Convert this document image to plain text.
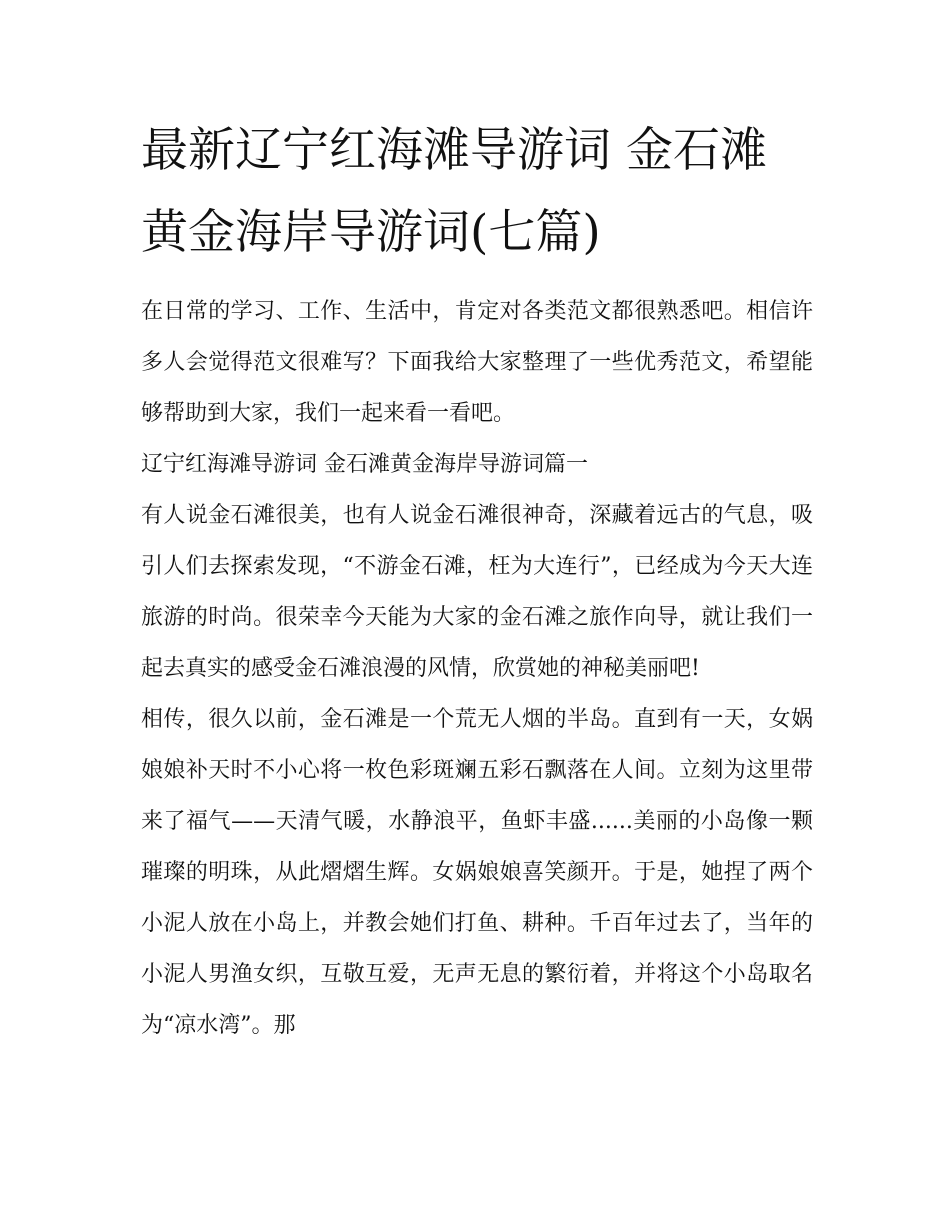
最新辽宁红海滩导游词 金石滩黄金海岸导游词(七篇)

在日常的学习、工作、生活中，肯定对各类范文都很熟悉吧。相信许多人会觉得范文很难写？下面我给大家整理了一些优秀范文，希望能够帮助到大家，我们一起来看一看吧。

辽宁红海滩导游词 金石滩黄金海岸导游词篇一

有人说金石滩很美，也有人说金石滩很神奇，深藏着远古的气息，吸引人们去探索发现，“不游金石滩，枉为大连行”，已经成为今天大连旅游的时尚。很荣幸今天能为大家的金石滩之旅作向导，就让我们一起去真实的感受金石滩浪漫的风情，欣赏她的神秘美丽吧!

相传，很久以前，金石滩是一个荒无人烟的半岛。直到有一天，女娲娘娘补天时不小心将一枚色彩斑斓五彩石飘落在人间。立刻为这里带来了福气——天清气暖，水静浪平，鱼虾丰盛......美丽的小岛像一颗璀璨的明珠，从此熠熠生辉。女娲娘娘喜笑颜开。于是，她捏了两个小泥人放在小岛上，并教会她们打鱼、耕种。千百年过去了，当年的小泥人男渔女织，互敬互爱，无声无息的繁衍着，并将这个小岛取名为“凉水湾”。那
